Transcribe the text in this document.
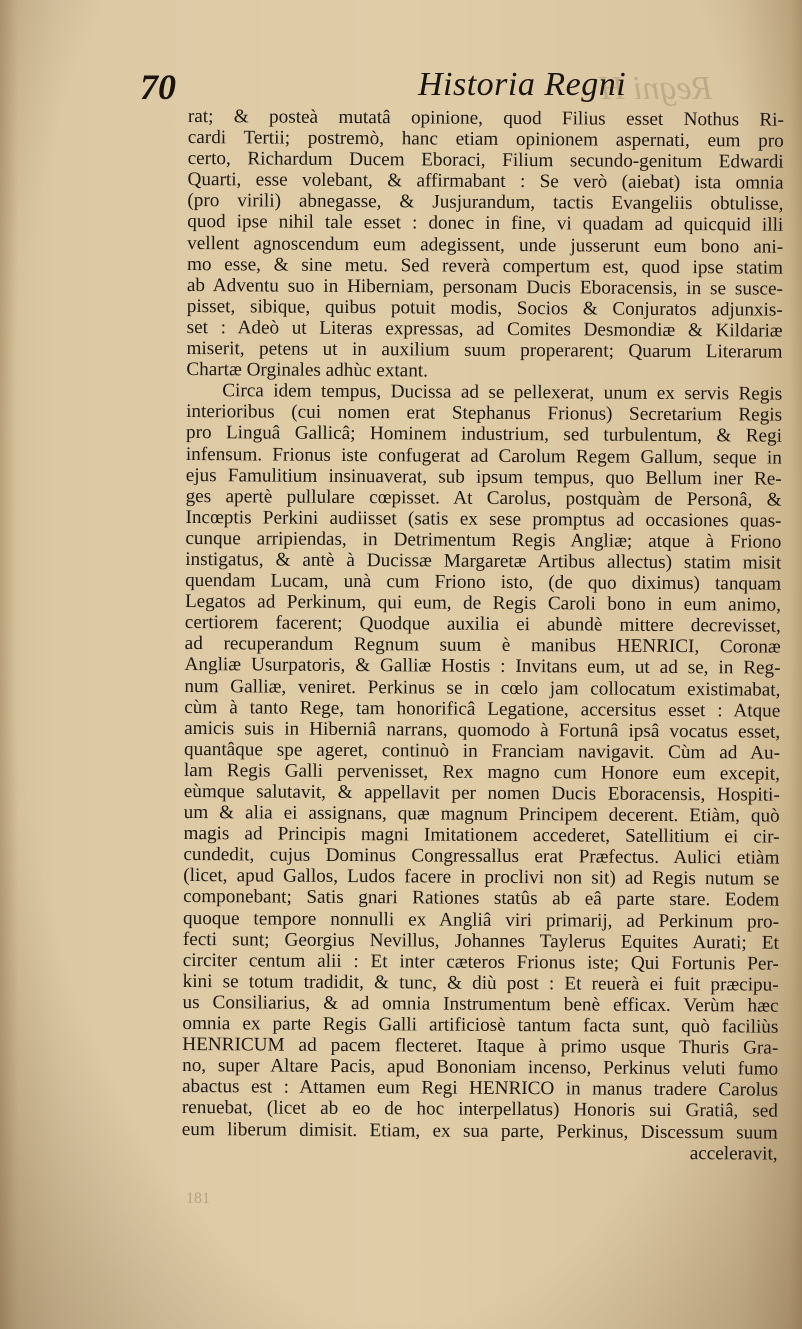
Regni H
70	Historia Regni
rat; & posteà mutatâ opinione, quod Filius esset Nothus Ri-
cardi Tertii; postremò, hanc etiam opinionem aspernati, eum pro
certo, Richardum Ducem Eboraci, Filium secundo-genitum Edwardi
Quarti, esse volebant, & affirmabant : Se verò (aiebat) ista omnia
(pro virili) abnegasse, & Jusjurandum, tactis Evangeliis obtulisse,
quod ipse nihil tale esset : donec in fine, vi quadam ad quicquid illi
vellent agnoscendum eum adegissent, unde jusserunt eum bono ani-
mo esse, & sine metu. Sed reverà compertum est, quod ipse statim
ab Adventu suo in Hiberniam, personam Ducis Eboracensis, in se susce-
pisset, sibique, quibus potuit modis, Socios & Conjuratos adjunxis-
set : Adeò ut Literas expressas, ad Comites Desmondiæ & Kildariæ
miserit, petens ut in auxilium suum properarent; Quarum Literarum
Chartæ Orginales adhùc extant.
Circa idem tempus, Ducissa ad se pellexerat, unum ex servis Regis
interioribus (cui nomen erat Stephanus Frionus) Secretarium Regis
pro Linguâ Gallicâ; Hominem industrium, sed turbulentum, & Regi
infensum. Frionus iste confugerat ad Carolum Regem Gallum, seque in
ejus Famulitium insinuaverat, sub ipsum tempus, quo Bellum iner Re-
ges apertè pullulare cœpisset. At Carolus, postquàm de Personâ, &
Incœptis Perkini audiisset (satis ex sese promptus ad occasiones quas-
cunque arripiendas, in Detrimentum Regis Angliæ; atque à Friono
instigatus, & antè à Ducissæ Margaretæ Artibus allectus) statim misit
quendam Lucam, unà cum Friono isto, (de quo diximus) tanquam
Legatos ad Perkinum, qui eum, de Regis Caroli bono in eum animo,
certiorem facerent; Quodque auxilia ei abundè mittere decrevisset,
ad recuperandum Regnum suum è manibus HENRICI, Coronæ
Angliæ Usurpatoris, & Galliæ Hostis : Invitans eum, ut ad se, in Reg-
num Galliæ, veniret. Perkinus se in cœlo jam collocatum existimabat,
cùm à tanto Rege, tam honorificâ Legatione, accersitus esset : Atque
amicis suis in Hiberniâ narrans, quomodo à Fortunâ ipsâ vocatus esset,
quantâque spe ageret, continuò in Franciam navigavit. Cùm ad Au-
lam Regis Galli pervenisset, Rex magno cum Honore eum excepit,
eùmque salutavit, & appellavit per nomen Ducis Eboracensis, Hospiti-
um & alia ei assignans, quæ magnum Principem decerent. Etiàm, quò
magis ad Principis magni Imitationem accederet, Satellitium ei cir-
cundedit, cujus Dominus Congressallus erat Præfectus. Aulici etiàm
(licet, apud Gallos, Ludos facere in proclivi non sit) ad Regis nutum se
componebant; Satis gnari Rationes statûs ab eâ parte stare. Eodem
quoque tempore nonnulli ex Angliâ viri primarij, ad Perkinum pro-
fecti sunt; Georgius Nevillus, Johannes Taylerus Equites Aurati; Et
circiter centum alii : Et inter cæteros Frionus iste; Qui Fortunis Per-
kini se totum tradidit, & tunc, & diù post : Et reuerà ei fuit præcipu-
us Consiliarius, & ad omnia Instrumentum benè efficax. Verùm hæc
omnia ex parte Regis Galli artificiosè tantum facta sunt, quò faciliùs
HENRICUM ad pacem flecteret. Itaque à primo usque Thuris Gra-
no, super Altare Pacis, apud Bononiam incenso, Perkinus veluti fumo
abactus est : Attamen eum Regi HENRICO in manus tradere Carolus
renuebat, (licet ab eo de hoc interpellatus) Honoris sui Gratiâ, sed
eum liberum dimisit. Etiam, ex sua parte, Perkinus, Discessum suum
acceleravit,
181
